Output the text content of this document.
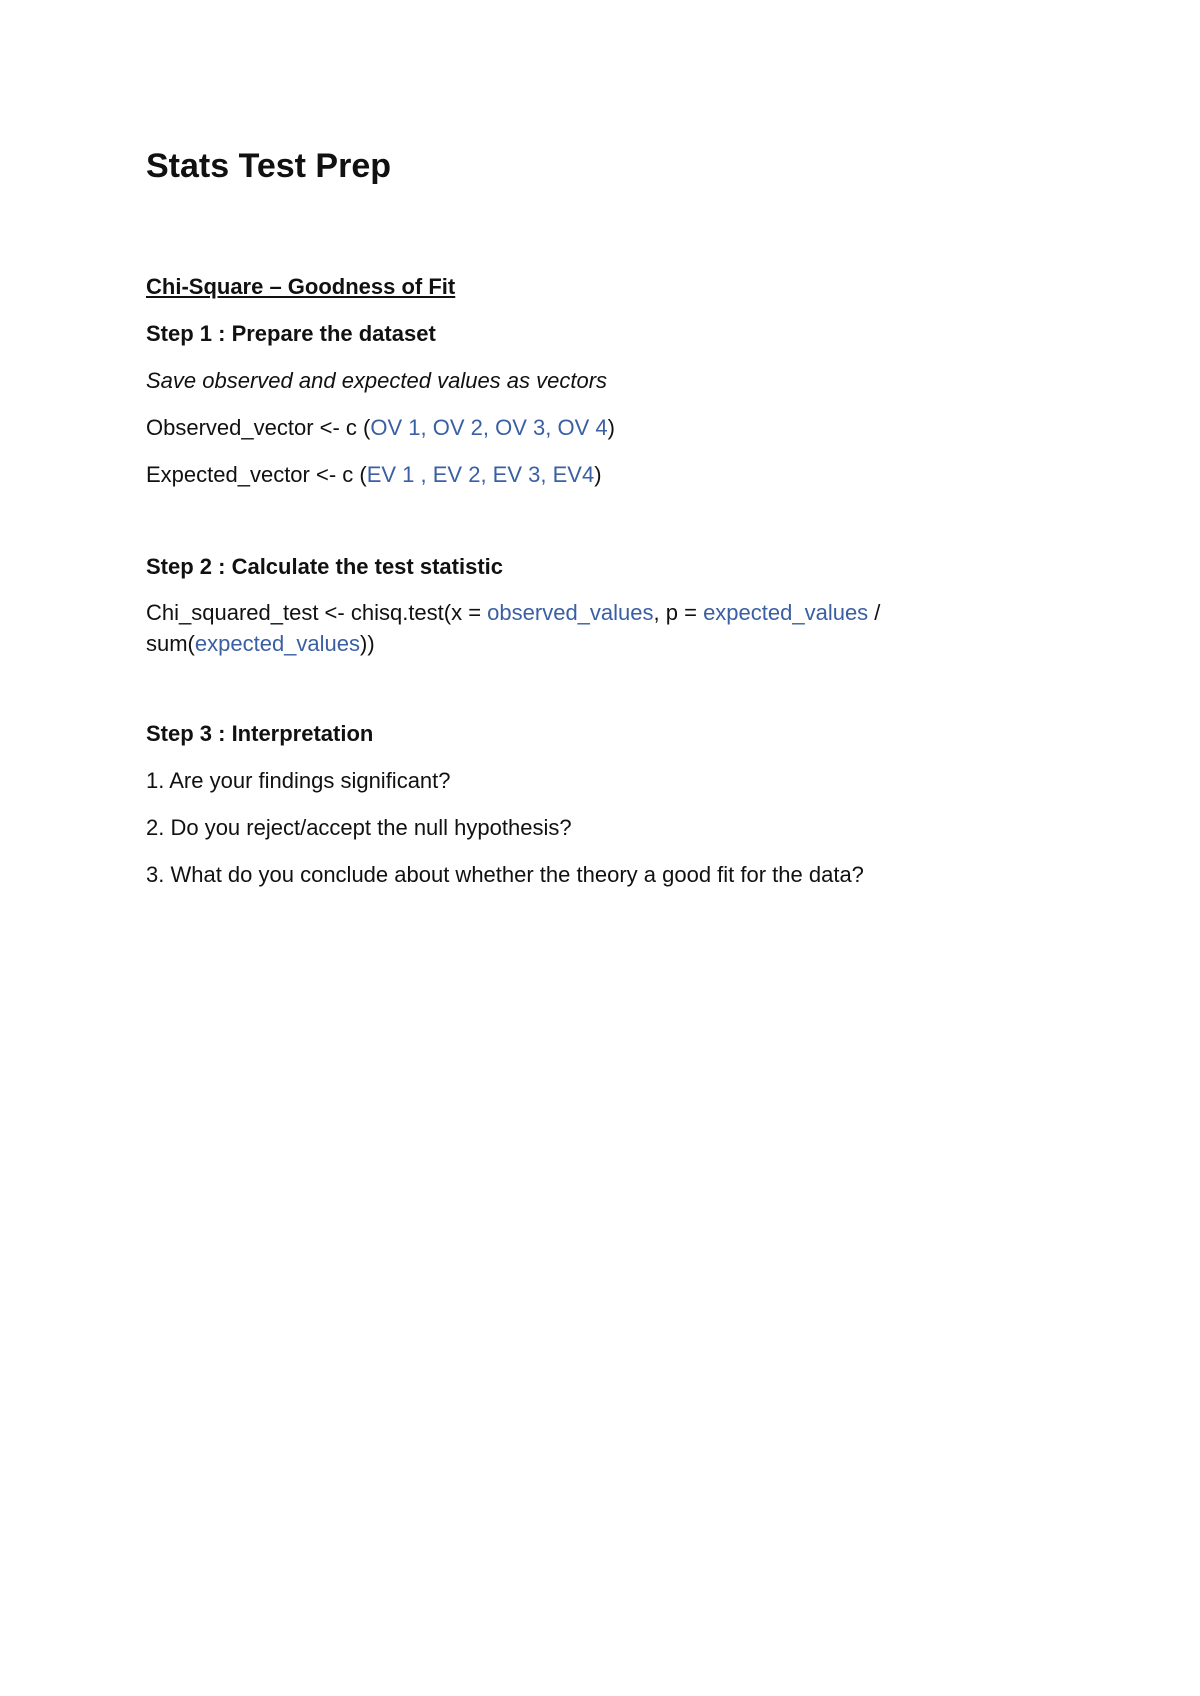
Stats Test Prep
Chi-Square – Goodness of Fit
Step 1 : Prepare the dataset
Save observed and expected values as vectors
Observed_vector <- c (OV 1, OV 2, OV 3, OV 4)
Expected_vector <- c (EV 1 , EV 2, EV 3, EV4)
Step 2 : Calculate the test statistic
Chi_squared_test <- chisq.test(x = observed_values, p = expected_values / sum(expected_values))
Step 3 : Interpretation
1. Are your findings significant?
2. Do you reject/accept the null hypothesis?
3. What do you conclude about whether the theory a good fit for the data?
